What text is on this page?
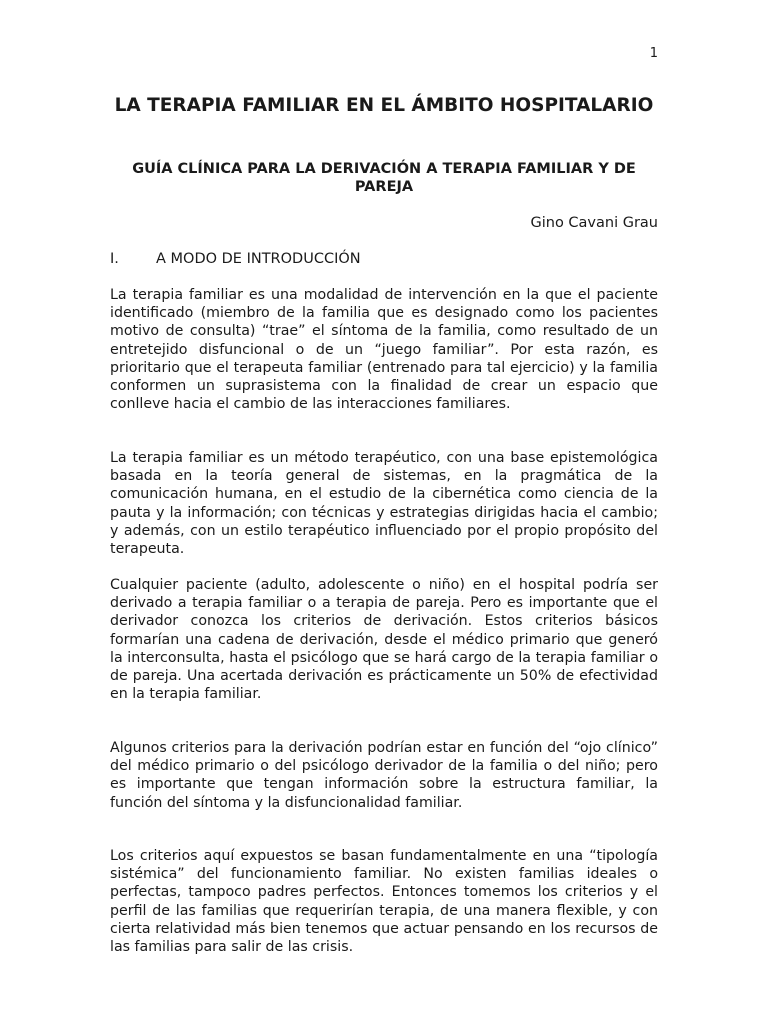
1
LA TERAPIA FAMILIAR EN EL ÁMBITO HOSPITALARIO
GUÍA CLÍNICA PARA LA DERIVACIÓN A TERAPIA FAMILIAR Y DE PAREJA
Gino Cavani Grau
I.	A MODO DE INTRODUCCIÓN

La terapia familiar es una modalidad de intervención en la que el paciente identificado (miembro de la familia que es designado como los pacientes motivo de consulta) “trae” el síntoma de la familia, como resultado de un entretejido disfuncional o de un “juego familiar”. Por esta razón, es prioritario que el terapeuta familiar (entrenado para tal ejercicio) y la familia conformen un suprasistema con la finalidad de crear un espacio que conlleve hacia el cambio de las interacciones familiares.

La terapia familiar es un método terapéutico, con una base epistemológica basada en la teoría general de sistemas, en la pragmática de la comunicación humana, en el estudio de la cibernética como ciencia de la pauta y la información; con técnicas y estrategias dirigidas hacia el cambio; y además, con un estilo terapéutico influenciado por el propio propósito del terapeuta.

Cualquier paciente (adulto, adolescente o niño) en el hospital podría ser derivado a terapia familiar o a terapia de pareja. Pero es importante que el derivador conozca los criterios de derivación. Estos criterios básicos formarían una cadena de derivación, desde el médico primario que generó la interconsulta, hasta el psicólogo que se hará cargo de la terapia familiar o de pareja. Una acertada derivación es prácticamente un 50% de efectividad en la terapia familiar.

Algunos criterios para la derivación podrían estar en función del “ojo clínico” del médico primario o del psicólogo derivador de la familia o del niño; pero es importante que tengan información sobre la estructura familiar, la función del síntoma y la disfuncionalidad familiar.

Los criterios aquí expuestos se basan fundamentalmente en una “tipología sistémica” del funcionamiento familiar. No existen familias ideales o perfectas, tampoco padres perfectos. Entonces tomemos los criterios y el perfil de las familias que requerirían terapia, de una manera flexible, y con cierta relatividad más bien tenemos que actuar pensando en los recursos de las familias para salir de las crisis.
